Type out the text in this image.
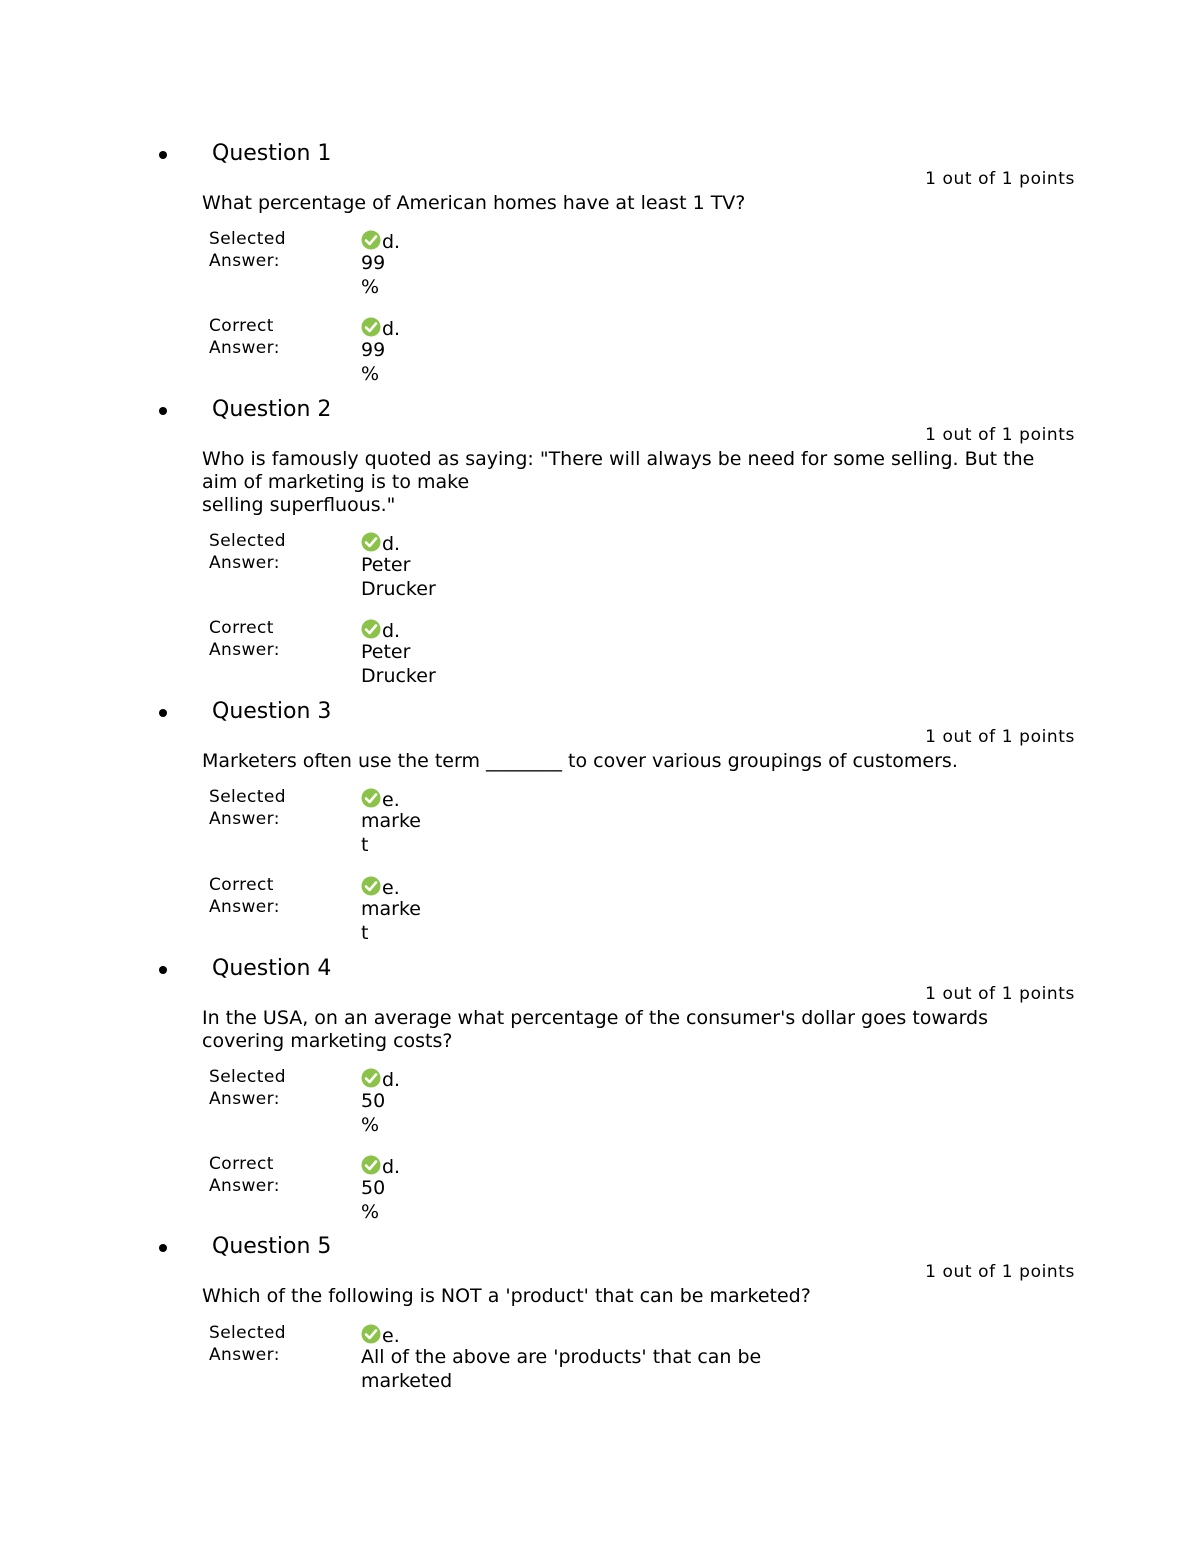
Question 1
1 out of 1 points
What percentage of American homes have at least 1 TV?
Selected
Answer:
d.
99
%
Correct
Answer:
d.
99
%
Question 2
1 out of 1 points
Who is famously quoted as saying: "There will always be need for some selling. But the
aim of marketing is to make
selling superfluous."
Selected
Answer:
d.
Peter
Drucker
Correct
Answer:
d.
Peter
Drucker
Question 3
1 out of 1 points
Marketers often use the term ________ to cover various groupings of customers.
Selected
Answer:
e.
marke
t
Correct
Answer:
e.
marke
t
Question 4
1 out of 1 points
In the USA, on an average what percentage of the consumer's dollar goes towards
covering marketing costs?
Selected
Answer:
d.
50
%
Correct
Answer:
d.
50
%
Question 5
1 out of 1 points
Which of the following is NOT a 'product' that can be marketed?
Selected
Answer:
e.
All of the above are 'products' that can be
marketed
